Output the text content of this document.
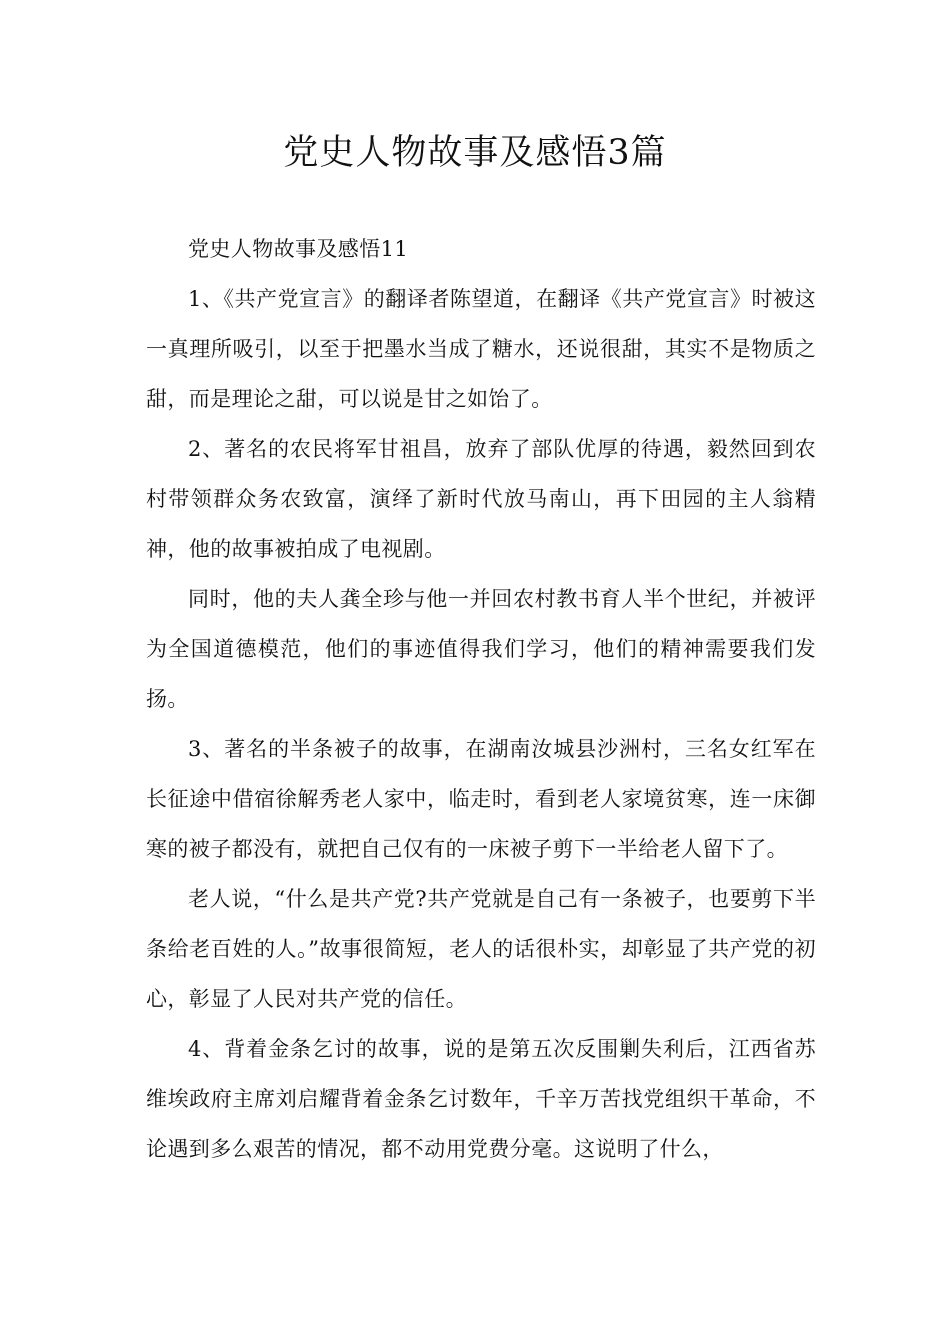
党史人物故事及感悟3篇

党史人物故事及感悟11

1、《共产党宣言》的翻译者陈望道，在翻译《共产党宣言》时被这一真理所吸引，以至于把墨水当成了糖水，还说很甜，其实不是物质之甜，而是理论之甜，可以说是甘之如饴了。

2、著名的农民将军甘祖昌，放弃了部队优厚的待遇，毅然回到农村带领群众务农致富，演绎了新时代放马南山，再下田园的主人翁精神，他的故事被拍成了电视剧。

同时，他的夫人龚全珍与他一并回农村教书育人半个世纪，并被评为全国道德模范，他们的事迹值得我们学习，他们的精神需要我们发扬。

3、著名的半条被子的故事，在湖南汝城县沙洲村，三名女红军在长征途中借宿徐解秀老人家中，临走时，看到老人家境贫寒，连一床御寒的被子都没有，就把自己仅有的一床被子剪下一半给老人留下了。

老人说，“什么是共产党?共产党就是自己有一条被子，也要剪下半条给老百姓的人。”故事很简短，老人的话很朴实，却彰显了共产党的初心，彰显了人民对共产党的信任。

4、背着金条乞讨的故事，说的是第五次反围剿失利后，江西省苏维埃政府主席刘启耀背着金条乞讨数年，千辛万苦找党组织干革命，不论遇到多么艰苦的情况，都不动用党费分毫。这说明了什么，
